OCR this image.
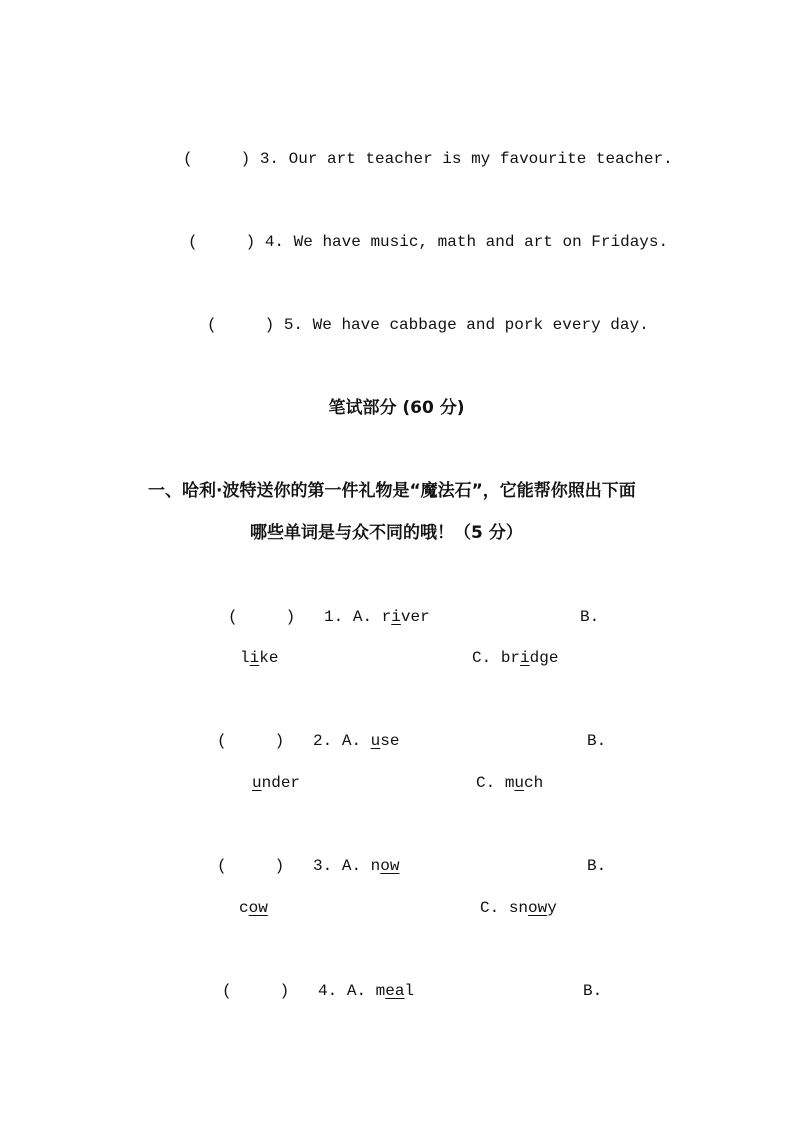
(     ) 3. Our art teacher is my favourite teacher.
(     ) 4. We have music, math and art on Fridays.
(     ) 5. We have cabbage and pork every day.
笔试部分 (60 分)
一、哈利·波特送你的第一件礼物是“魔法石”，它能帮你照出下面
哪些单词是与众不同的哦！（5 分）
(     ) 1. A. river	B.
like	C. bridge
(     ) 2. A. use	B.
under	C. much
(     ) 3. A. now	B.
cow	C. snowy
(     ) 4. A. meal	B.
